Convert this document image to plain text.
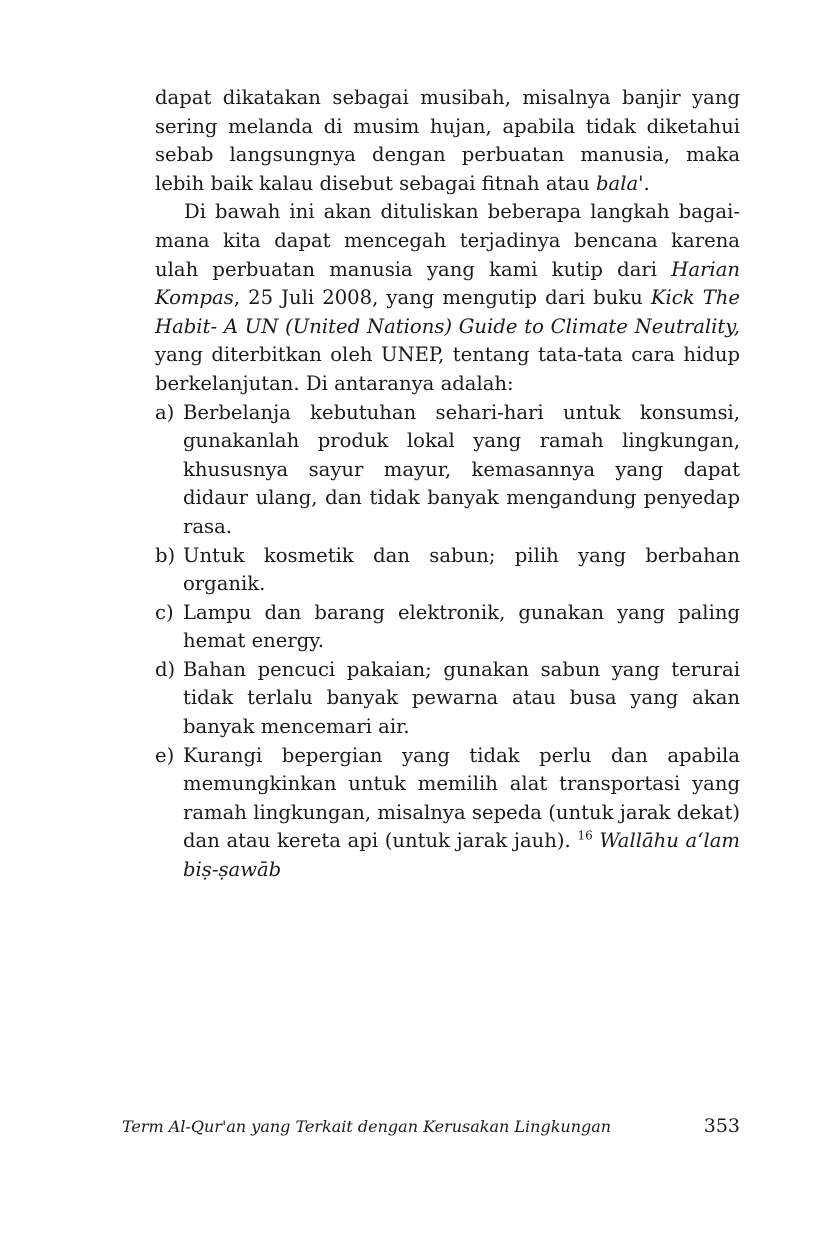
dapat dikatakan sebagai musibah, misalnya banjir yang sering melanda di musim hujan, apabila tidak diketahui sebab langsungnya dengan perbuatan manusia, maka lebih baik kalau disebut sebagai fitnah atau bala'.

Di bawah ini akan dituliskan beberapa langkah bagaimana kita dapat mencegah terjadinya bencana karena ulah perbuatan manusia yang kami kutip dari Harian Kompas, 25 Juli 2008, yang mengutip dari buku Kick The Habit- A UN (United Nations) Guide to Climate Neutrality, yang diterbitkan oleh UNEP, tentang tata-tata cara hidup berkelanjutan. Di antaranya adalah:

a) Berbelanja kebutuhan sehari-hari untuk konsumsi, gunakanlah produk lokal yang ramah lingkungan, khususnya sayur mayur, kemasannya yang dapat didaur ulang, dan tidak banyak mengandung penyedap rasa.
b) Untuk kosmetik dan sabun; pilih yang berbahan organik.
c) Lampu dan barang elektronik, gunakan yang paling hemat energy.
d) Bahan pencuci pakaian; gunakan sabun yang terurai tidak terlalu banyak pewarna atau busa yang akan banyak mencemari air.
e) Kurangi bepergian yang tidak perlu dan apabila memungkinkan untuk memilih alat transportasi yang ramah lingkungan, misalnya sepeda (untuk jarak dekat) dan atau kereta api (untuk jarak jauh). $^{16}$ Wallāhu a‘lam biṣ-ṣawāb
Term Al-Qur'an yang Terkait dengan Kerusakan Lingkungan	353
